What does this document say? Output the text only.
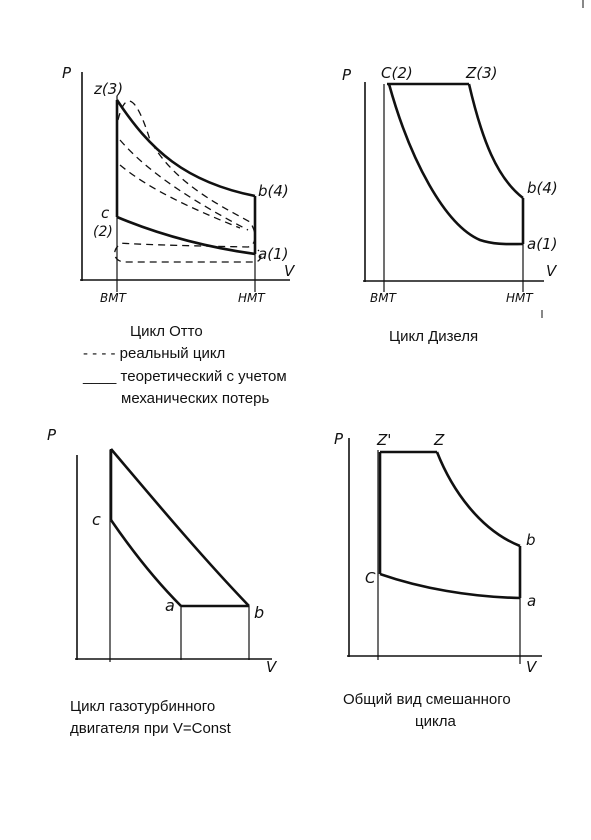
P
V
z(3)
c
(2)
b(4)
a(1)
BMT	HMT
P
V
C(2)	Z(3)
b(4)
a(1)
BMT	HMT
P
V
c
a	b
P
V
Z'	Z
C
b
a
Цикл Отто
- - - - реальный цикл
____ теоретический с учетом
механических потерь
Цикл Дизеля
Цикл газотурбинного
двигателя при V=Const
Общий вид смешанного
цикла
